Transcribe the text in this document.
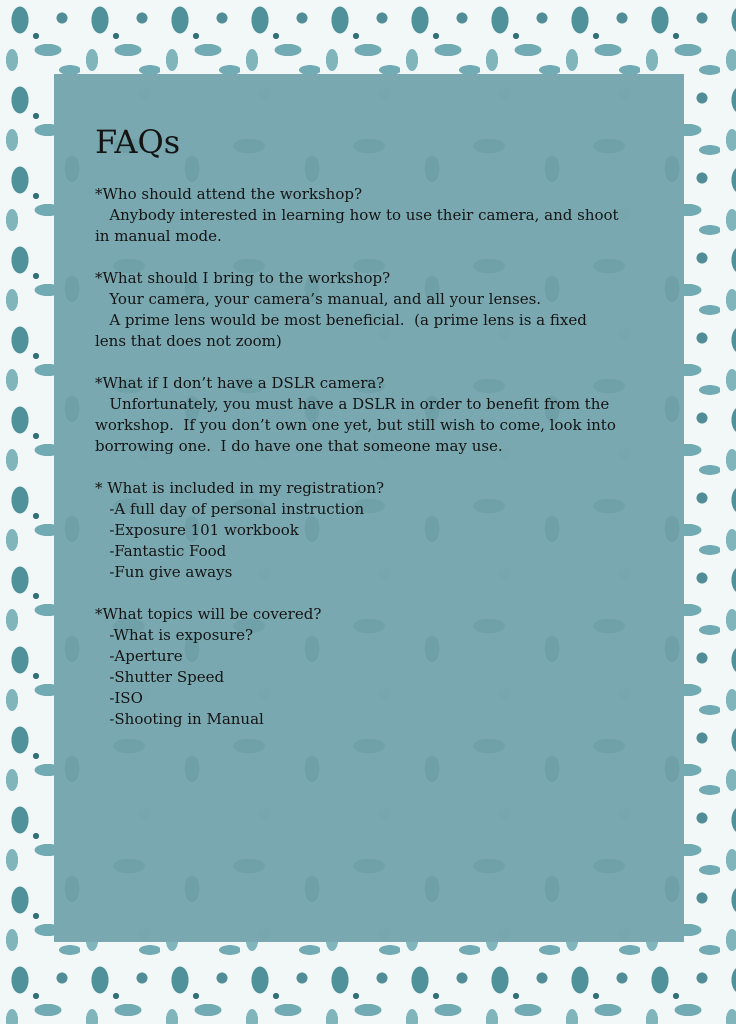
FAQs
*Who should attend the workshop?
Anybody interested in learning how to use their camera, and shoot
in manual mode.
*What should I bring to the workshop?
Your camera, your camera’s manual, and all your lenses.
A prime lens would be most beneficial.  (a prime lens is a fixed
lens that does not zoom)
*What if I don’t have a DSLR camera?
Unfortunately, you must have a DSLR in order to benefit from the
workshop.  If you don’t own one yet, but still wish to come, look into
borrowing one.  I do have one that someone may use.
* What is included in my registration?
-A full day of personal instruction
-Exposure 101 workbook
-Fantastic Food
-Fun give aways
*What topics will be covered?
-What is exposure?
-Aperture
-Shutter Speed
-ISO
-Shooting in Manual
